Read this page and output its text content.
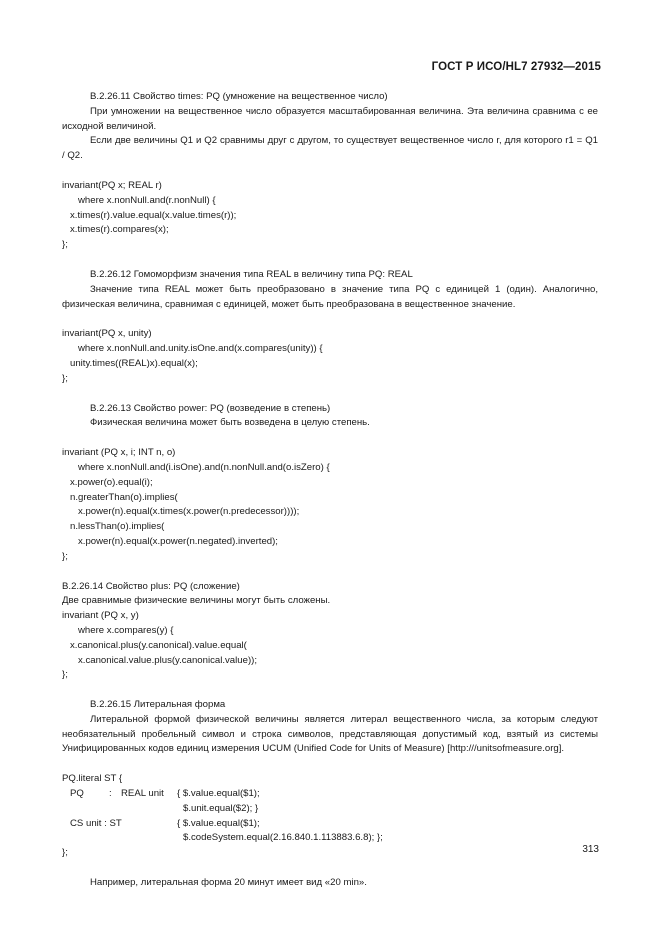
ГОСТ Р ИСО/HL7 27932—2015

B.2.26.11 Свойство times: PQ (умножение на вещественное число)

При умножении на вещественное число образуется масштабированная величина. Эта величина сравнима с ее исходной величиной.

Если две величины Q1 и Q2 сравнимы друг с другом, то существует вещественное число r, для которого r1 = Q1 / Q2.

invariant(PQ x; REAL r)
where x.nonNull.and(r.nonNull) {
x.times(r).value.equal(x.value.times(r));
x.times(r).compares(x);
};

B.2.26.12 Гомоморфизм значения типа REAL в величину типа PQ: REAL

Значение типа REAL может быть преобразовано в значение типа PQ с единицей 1 (один). Аналогично, физическая величина, сравнимая с единицей, может быть преобразована в вещественное значение.

invariant(PQ x, unity)
where x.nonNull.and.unity.isOne.and(x.compares(unity)) {
unity.times((REAL)x).equal(x);
};

B.2.26.13 Свойство power: PQ (возведение в степень)

Физическая величина может быть возведена в целую степень.

invariant (PQ x, i; INT n, o)
where x.nonNull.and(i.isOne).and(n.nonNull.and(o.isZero) {
x.power(o).equal(i);
n.greaterThan(o).implies(
x.power(n).equal(x.times(x.power(n.predecessor))));
n.lessThan(o).implies(
x.power(n).equal(x.power(n.negated).inverted);
};

B.2.26.14 Свойство plus: PQ (сложение)

Две сравнимые физические величины могут быть сложены.

invariant (PQ x, y)
where x.compares(y) {
x.canonical.plus(y.canonical).value.equal(
x.canonical.value.plus(y.canonical.value));
};

B.2.26.15 Литеральная форма

Литеральной формой физической величины является литерал вещественного числа, за которым следуют необязательный пробельный символ и строка символов, представляющая допустимый код, взятый из системы Унифицированных кодов единиц измерения UCUM (Unified Code for Units of Measure) [http:///unitsofmeasure.org].

PQ.literal ST {
PQ	: REAL unit { $.value.equal($1);
$.unit.equal($2); }
CS unit : ST	{ $.value.equal($1);
$.codeSystem.equal(2.16.840.1.113883.6.8); };
};

Например, литеральная форма 20 минут имеет вид «20 min».

313
